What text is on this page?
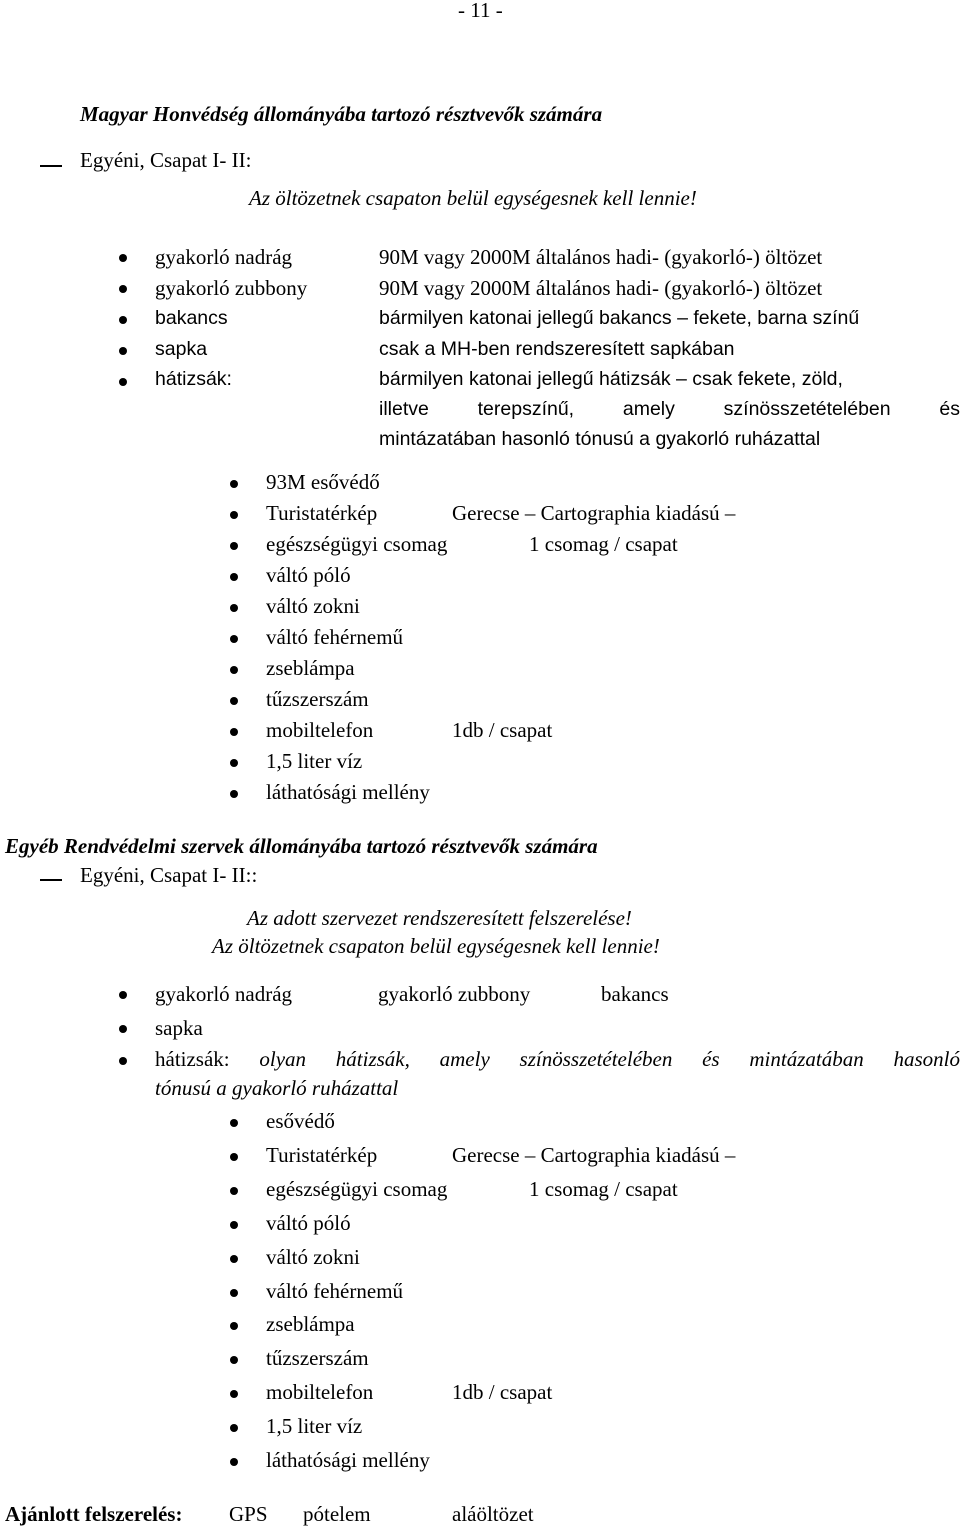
- 11 -
Magyar Honvédség állományába tartozó résztvevők számára
Egyéni, Csapat I- II:
Az öltözetnek csapaton belül egységesnek kell lennie!
gyakorló nadrág	90M vagy 2000M általános hadi- (gyakorló-) öltözet
gyakorló zubbony	90M vagy 2000M általános hadi- (gyakorló-) öltözet
bakancs	bármilyen katonai jellegű bakancs – fekete, barna színű
sapka	csak a MH-ben rendszeresített sapkában
hátizsák:	bármilyen katonai jellegű hátizsák – csak fekete, zöld,
illetve	terepszínű,	amely	színösszetételében	és
mintázatában hasonló tónusú a gyakorló ruházattal
93M esővédő
Turistatérkép	Gerecse – Cartographia kiadású –
egészségügyi csomag	1 csomag / csapat
váltó póló
váltó zokni
váltó fehérnemű
zseblámpa
tűzszerszám
mobiltelefon	1db / csapat
1,5 liter víz
láthatósági mellény
Egyéb Rendvédelmi szervek állományába tartozó résztvevők számára
Egyéni, Csapat I- II::
Az adott szervezet rendszeresített felszerelése!
Az öltözetnek csapaton belül egységesnek kell lennie!
gyakorló nadrág	gyakorló zubbony	bakancs
sapka
hátizsák: olyan hátizsák, amely színösszetételében és mintázatában hasonló
tónusú a gyakorló ruházattal
esővédő
Turistatérkép	Gerecse – Cartographia kiadású –
egészségügyi csomag	1 csomag / csapat
váltó póló
váltó zokni
váltó fehérnemű
zseblámpa
tűzszerszám
mobiltelefon	1db / csapat
1,5 liter víz
láthatósági mellény
Ajánlott felszerelés: GPS pótelem	aláöltözet
